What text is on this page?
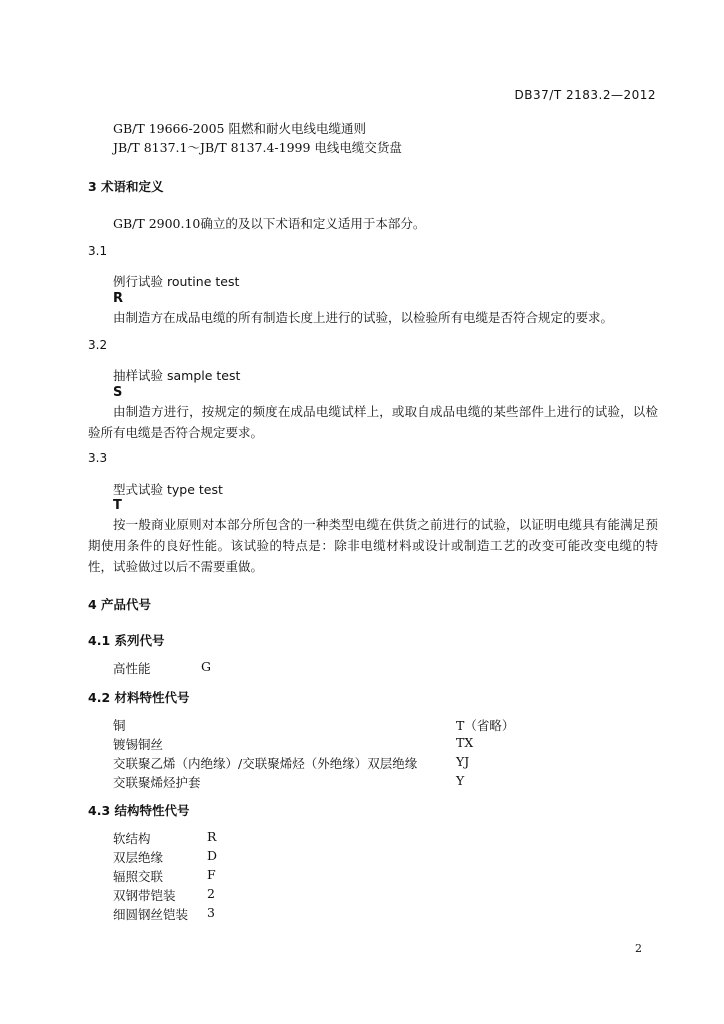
DB37/T 2183.2—2012
GB/T 19666-2005 阻燃和耐火电线电缆通则
JB/T 8137.1～JB/T 8137.4-1999 电线电缆交货盘
3 术语和定义
GB/T 2900.10确立的及以下术语和定义适用于本部分。
3.1
例行试验 routine test
R
由制造方在成品电缆的所有制造长度上进行的试验，以检验所有电缆是否符合规定的要求。
3.2
抽样试验 sample test
S
由制造方进行，按规定的频度在成品电缆试样上，或取自成品电缆的某些部件上进行的试验，以检验所有电缆是否符合规定要求。
3.3
型式试验 type test
T
按一般商业原则对本部分所包含的一种类型电缆在供货之前进行的试验，以证明电缆具有能满足预期使用条件的良好性能。该试验的特点是：除非电缆材料或设计或制造工艺的改变可能改变电缆的特性，试验做过以后不需要重做。
4 产品代号
4.1 系列代号
高性能	G
4.2 材料特性代号
铜	T（省略）
镀锡铜丝	TX
交联聚乙烯（内绝缘）/交联聚烯烃（外绝缘）双层绝缘	YJ
交联聚烯烃护套	Y
4.3 结构特性代号
软结构	R
双层绝缘	D
辐照交联	F
双钢带铠装	2
细圆钢丝铠装 3
2
